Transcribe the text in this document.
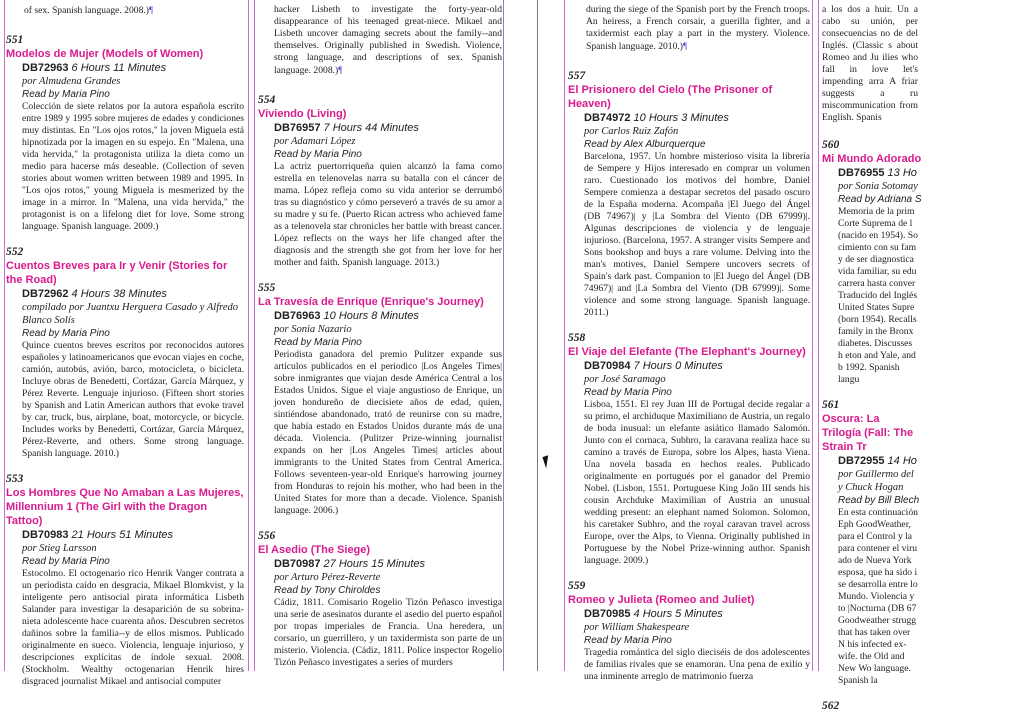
of sex. Spanish language. 2008.)¶
551
Modelos de Mujer (Models of Women)
DB72963 6 Hours 11 Minutes
por Almudena Grandes
Read by Maria Pino
Colección de siete relatos por la autora española escrito entre 1989 y 1995 sobre mujeres de edades y condiciones muy distintas. En "Los ojos rotos," la joven Miguela está hipnotizada por la imagen en su espejo. En "Malena, una vida hervida," la protagonista utiliza la dieta como un medio para hacerse más deseable. (Collection of seven stories about women written between 1989 and 1995. In "Los ojos rotos," young Miguela is mesmerized by the image in a mirror. In "Malena, una vida hervida," the protagonist is on a lifelong diet for love. Some strong language. Spanish language. 2009.)
552
Cuentos Breves para Ir y Venir (Stories for the Road)
DB72962 4 Hours 38 Minutes
compilado por Juantxu Herguera Casado y Alfredo Blanco Solís
Read by Maria Pino
Quince cuentos breves escritos por reconocidos autores españoles y latinoamericanos que evocan viajes en coche, camión, autobús, avión, barco, motocicleta, o bicicleta. Incluye obras de Benedetti, Cortázar, García Márquez, y Pérez Reverte. Lenguaje injurioso. (Fifteen short stories by Spanish and Latin American authors that evoke travel by car, truck, bus, airplane, boat, motorcycle, or bicycle. Includes works by Benedetti, Cortázar, García Márquez, Pérez-Reverte, and others. Some strong language. Spanish language. 2010.)
553
Los Hombres Que No Amaban a Las Mujeres, Millennium 1 (The Girl with the Dragon Tattoo)
DB70983 21 Hours 51 Minutes
por Stieg Larsson
Read by Maria Pino
Estocolmo. El octogenario rico Henrik Vanger contrata a un periodista caído en desgracia, Mikael Blomkvist, y la inteligente pero antisocial pirata informática Lisbeth Salander para investigar la desaparición de su sobrina-nieta adolescente hace cuarenta años. Descubren secretos dañinos sobre la familia--y de ellos mismos. Publicado originalmente en sueco. Violencia, lenguaje injurioso, y descripciones explícitas de índole sexual. 2008. (Stockholm. Wealthy octogenarian Henrik hires disgraced journalist Mikael and antisocial computer
hacker Lisbeth to investigate the forty-year-old disappearance of his teenaged great-niece. Mikael and Lisbeth uncover damaging secrets about the family--and themselves. Originally published in Swedish. Violence, strong language, and descriptions of sex. Spanish language. 2008.)¶
554
Viviendo (Living)
DB76957 7 Hours 44 Minutes
por Adamari López
Read by Maria Pino
La actriz puertorriqueña quien alcanzó la fama como estrella en telenovelas narra su batalla con el cáncer de mama. López refleja como su vida anterior se derrumbó tras su diagnóstico y cómo perseveró a través de su amor a su madre y su fe. (Puerto Rican actress who achieved fame as a telenovela star chronicles her battle with breast cancer. López reflects on the ways her life changed after the diagnosis and the strength she got from her love for her mother and faith. Spanish language. 2013.)
555
La Travesía de Enrique (Enrique's Journey)
DB76963 10 Hours 8 Minutes
por Sonia Nazario
Read by Maria Pino
Periodista ganadora del premio Pulitzer expande sus artículos publicados en el periodico |Los Angeles Times| sobre inmigrantes que viajan desde América Central a los Estados Unidos. Sigue el viaje angustioso de Enrique, un joven hondureño de diecisiete años de edad, quien, sintiéndose abandonado, trató de reunirse con su madre, que había estado en Estados Unidos durante más de una década. Violencia. (Pulitzer Prize-winning journalist expands on her |Los Angeles Times| articles about immigrants to the United States from Central America. Follows seventeen-year-old Enrique's harrowing journey from Honduras to rejoin his mother, who had been in the United States for more than a decade. Violence. Spanish language. 2006.)
556
El Asedio (The Siege)
DB70987 27 Hours 15 Minutes
por Arturo Pérez-Reverte
Read by Tony Chiroldes
Cádiz, 1811. Comisario Rogelio Tizón Peñasco investiga una serie de asesinatos durante el asedio del puerto español por tropas imperiales de Francia. Una heredera, un corsario, un guerrillero, y un taxidermista son parte de un misterio. Violencia. (Cádiz, 1811. Police inspector Rogelio Tizón Peñasco investigates a series of murders
during the siege of the Spanish port by the French troops. An heiress, a French corsair, a guerilla fighter, and a taxidermist each play a part in the mystery. Violence. Spanish language. 2010.)¶
557
El Prisionero del Cielo (The Prisoner of Heaven)
DB74972 10 Hours 3 Minutes
por Carlos Ruiz Zafón
Read by Alex Alburquerque
Barcelona, 1957. Un hombre misterioso visita la librería de Sempere y Hijos interesado en comprar un volumen raro. Cuestionado los motivos del hombre, Daniel Sempere comienza a destapar secretos del pasado oscuro de la España moderna. Acompaña |El Juego del Ángel (DB 74967)| y |La Sombra del Viento (DB 67999)|. Algunas descripciones de violencia y de lenguaje injurioso. (Barcelona, 1957. A stranger visits Sempere and Sons bookshop and buys a rare volume. Delving into the man's motives, Daniel Sempere uncovers secrets of Spain's dark past. Companion to |El Juego del Ángel (DB 74967)| and |La Sombra del Viento (DB 67999)|. Some violence and some strong language. Spanish language. 2011.)
558
El Viaje del Elefante (The Elephant's Journey)
DB70984 7 Hours 0 Minutes
por José Saramago
Read by Maria Pino
Lisboa, 1551. El rey Juan III de Portugal decide regalar a su primo, el archiduque Maximiliano de Austria, un regalo de boda inusual: un elefante asiático llamado Salomón. Junto con el cornaca, Subhro, la caravana realiza hace su camino a través de Europa, sobre los Alpes, hasta Viena. Una novela basada en hechos reales. Publicado originalmente en portugués por el ganador del Premio Nobel. (Lisbon, 1551. Portuguese King João III sends his cousin Archduke Maximilian of Austria an unusual wedding present: an elephant named Solomon. Solomon, his caretaker Subhro, and the royal caravan travel across Europe, over the Alps, to Vienna. Originally published in Portuguese by the Nobel Prize-winning author. Spanish language. 2009.)
559
Romeo y Julieta (Romeo and Juliet)
DB70985 4 Hours 5 Minutes
por William Shakespeare
Read by Maria Pino
Tragedia romántica del siglo dieciséis de dos adolescentes de familias rivales que se enamoran. Una pena de exilio y una inminente arreglo de matrimonio fuerza
a los dos a huir. Un a cabo su unión, per consecuencias no de del Inglés. (Classic s about Romeo and Ju ilies who fall in love let's impending arra A friar suggests a ru miscommunication from English. Spanis
560
Mi Mundo Adorado
DB76955 13 Ho
por Sonia Sotomay
Read by Adriana S
Memoria de la prim Corte Suprema de l (nacido en 1954). So cimiento con su fam y de ser diagnostica vida familiar, su edu carrera hasta conver Traducido del Inglés United States Supre (born 1954). Recalls family in the Bronx diabetes. Discusses h eton and Yale, and b 1992. Spanish langu
561
Oscura: La Trilogía (Fall: The Strain Tr
DB72955 14 Ho
por Guillermo del y Chuck Hogan
Read by Bill Blech
En esta continuación Eph GoodWeather, para el Control y la para contener el viru ado de Nueva York esposa, que ha sido i se desarrolla entre lo Mundo. Violencia y to |Nocturna (DB 67 Goodweather strugg that has taken over N his infected ex-wife. the Old and New Wo language. Spanish la
562
